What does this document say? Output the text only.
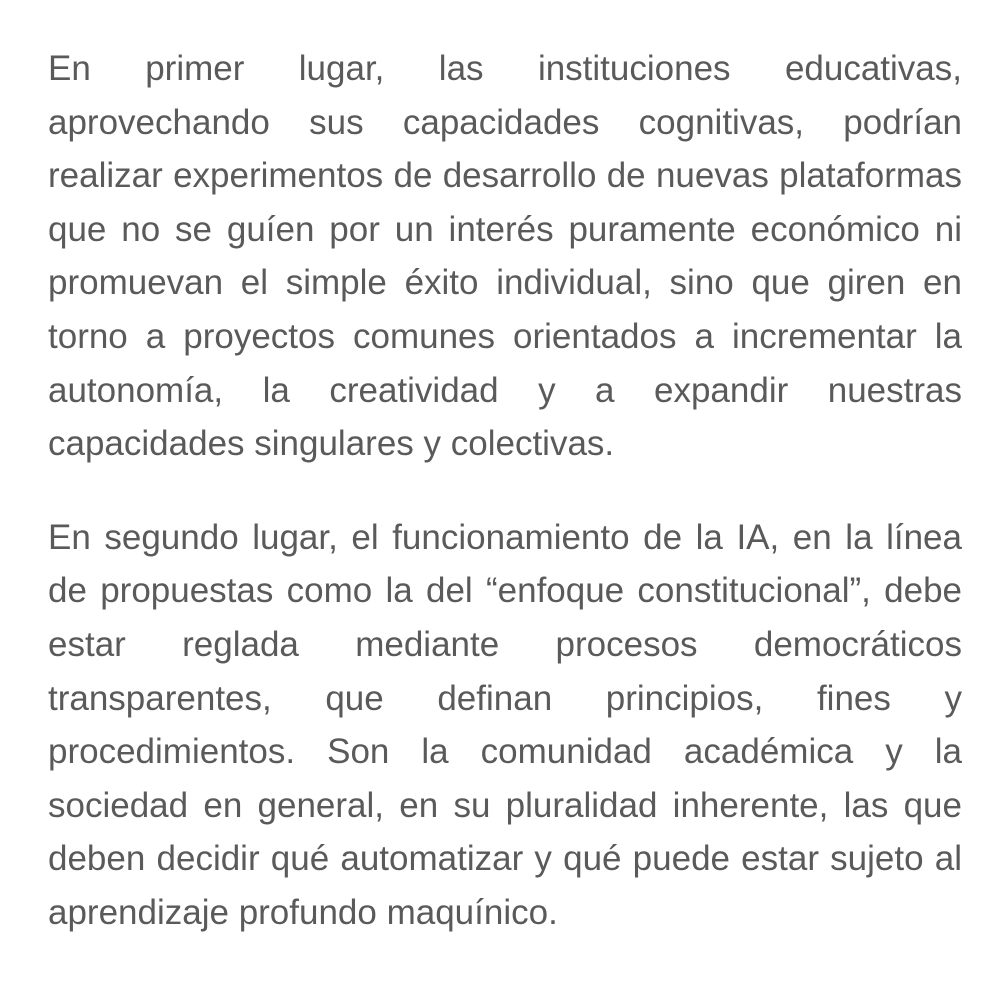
En primer lugar, las instituciones educativas, aprovechando sus capacidades cognitivas, podrían realizar experimentos de desarrollo de nuevas plataformas que no se guíen por un interés puramente económico ni promuevan el simple éxito individual, sino que giren en torno a proyectos comunes orientados a incrementar la autonomía, la creatividad y a expandir nuestras capacidades singulares y colectivas.

En segundo lugar, el funcionamiento de la IA, en la línea de propuestas como la del “enfoque constitucional”, debe estar reglada mediante procesos democráticos transparentes, que definan principios, fines y procedimientos. Son la comunidad académica y la sociedad en general, en su pluralidad inherente, las que deben decidir qué automatizar y qué puede estar sujeto al aprendizaje profundo maquínico.
